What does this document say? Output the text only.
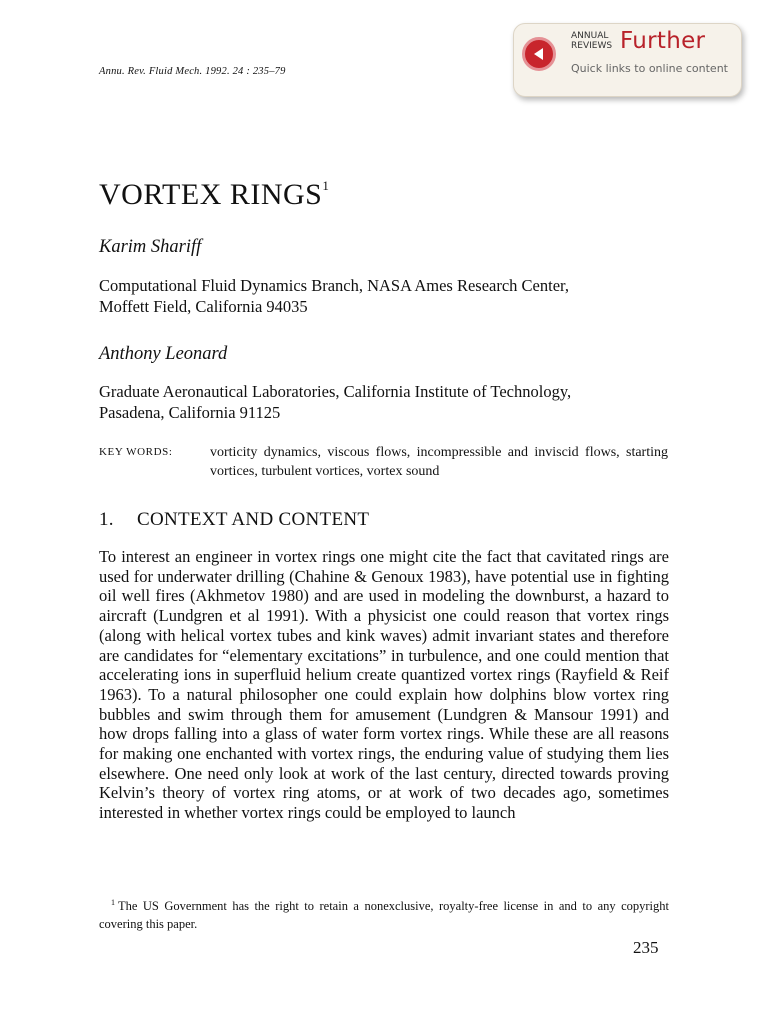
Annu. Rev. Fluid Mech. 1992. 24 : 235–79
ANNUAL
REVIEWS Further
Quick links to online content
VORTEX RINGS$^1$
Karim Shariff
Computational Fluid Dynamics Branch, NASA Ames Research Center,
Moffett Field, California 94035
Anthony Leonard
Graduate Aeronautical Laboratories, California Institute of Technology,
Pasadena, California 91125
KEY WORDS:	vorticity dynamics, viscous flows, incompressible and inviscid flows, starting vortices, turbulent vortices, vortex sound
1. CONTEXT AND CONTENT
To interest an engineer in vortex rings one might cite the fact that cavitated rings are used for underwater drilling (Chahine & Genoux 1983), have potential use in fighting oil well fires (Akhmetov 1980) and are used in modeling the downburst, a hazard to aircraft (Lundgren et al 1991). With a physicist one could reason that vortex rings (along with helical vortex tubes and kink waves) admit invariant states and therefore are candidates for “elementary excitations” in turbulence, and one could mention that accelerating ions in superfluid helium create quantized vortex rings (Rayfield & Reif 1963). To a natural philosopher one could explain how dolphins blow vortex ring bubbles and swim through them for amusement (Lundgren & Mansour 1991) and how drops falling into a glass of water form vortex rings. While these are all reasons for making one enchanted with vortex rings, the enduring value of studying them lies elsewhere. One need only look at work of the last century, directed towards proving Kelvin’s theory of vortex ring atoms, or at work of two decades ago, sometimes interested in whether vortex rings could be employed to launch
$^1$ The US Government has the right to retain a nonexclusive, royalty-free license in and to any copyright covering this paper.
235
